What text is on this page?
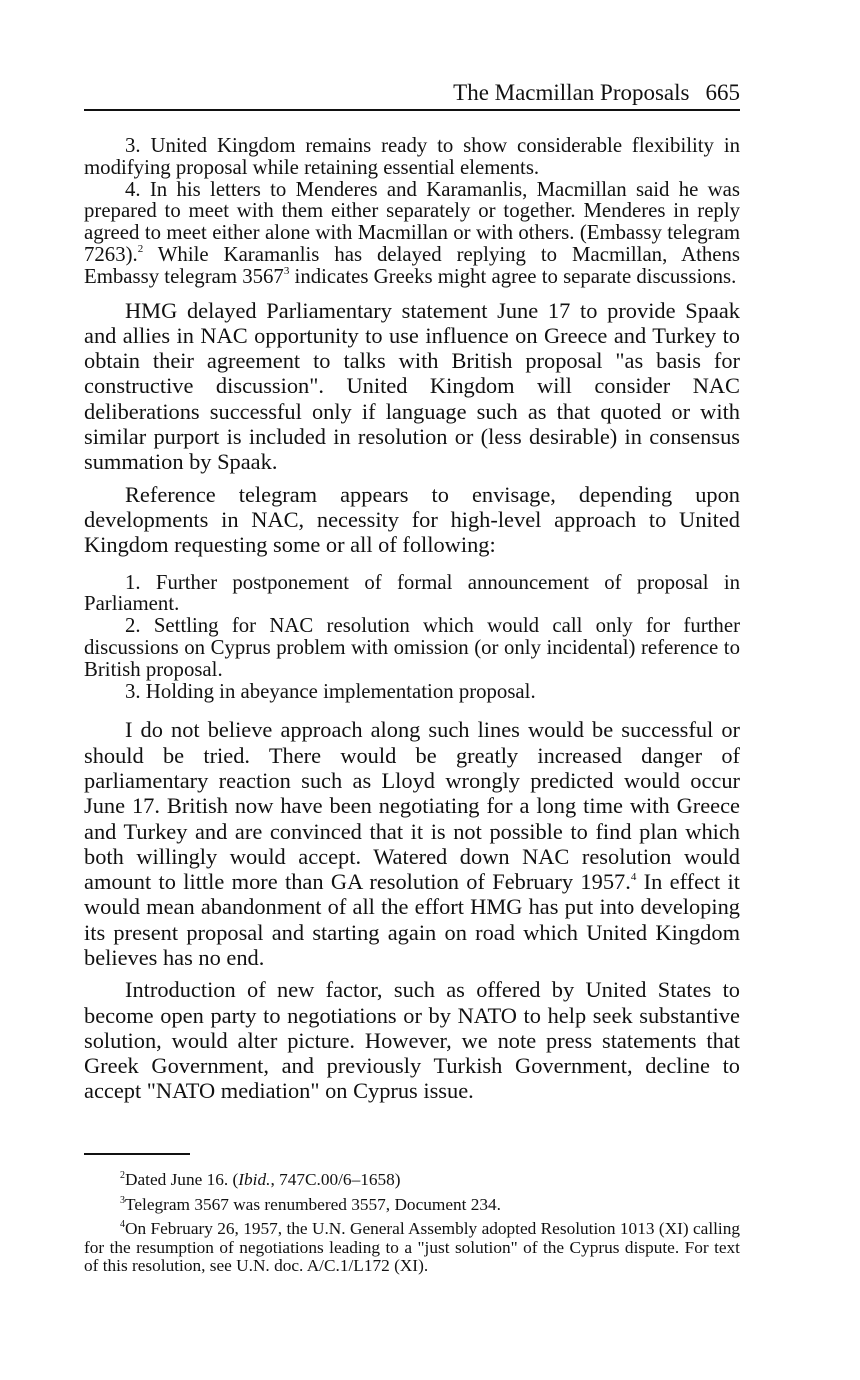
The Macmillan Proposals 665

3. United Kingdom remains ready to show considerable flexibility in modifying proposal while retaining essential elements.

4. In his letters to Menderes and Karamanlis, Macmillan said he was prepared to meet with them either separately or together. Menderes in reply agreed to meet either alone with Macmillan or with others. (Embassy telegram 7263).$^2$ While Karamanlis has delayed replying to Macmillan, Athens Embassy telegram 3567$^3$ indicates Greeks might agree to separate discussions.

HMG delayed Parliamentary statement June 17 to provide Spaak and allies in NAC opportunity to use influence on Greece and Turkey to obtain their agreement to talks with British proposal "as basis for constructive discussion". United Kingdom will consider NAC deliberations successful only if language such as that quoted or with similar purport is included in resolution or (less desirable) in consensus summation by Spaak.

Reference telegram appears to envisage, depending upon developments in NAC, necessity for high-level approach to United Kingdom requesting some or all of following:

1. Further postponement of formal announcement of proposal in Parliament.

2. Settling for NAC resolution which would call only for further discussions on Cyprus problem with omission (or only incidental) reference to British proposal.

3. Holding in abeyance implementation proposal.

I do not believe approach along such lines would be successful or should be tried. There would be greatly increased danger of parliamentary reaction such as Lloyd wrongly predicted would occur June 17. British now have been negotiating for a long time with Greece and Turkey and are convinced that it is not possible to find plan which both willingly would accept. Watered down NAC resolution would amount to little more than GA resolution of February 1957.$^4$ In effect it would mean abandonment of all the effort HMG has put into developing its present proposal and starting again on road which United Kingdom believes has no end.

Introduction of new factor, such as offered by United States to become open party to negotiations or by NATO to help seek substantive solution, would alter picture. However, we note press statements that Greek Government, and previously Turkish Government, decline to accept "NATO mediation" on Cyprus issue.

$^2$Dated June 16. (Ibid., 747C.00/6–1658)

$^3$Telegram 3567 was renumbered 3557, Document 234.

$^4$On February 26, 1957, the U.N. General Assembly adopted Resolution 1013 (XI) calling for the resumption of negotiations leading to a "just solution" of the Cyprus dispute. For text of this resolution, see U.N. doc. A/C.1/L172 (XI).
